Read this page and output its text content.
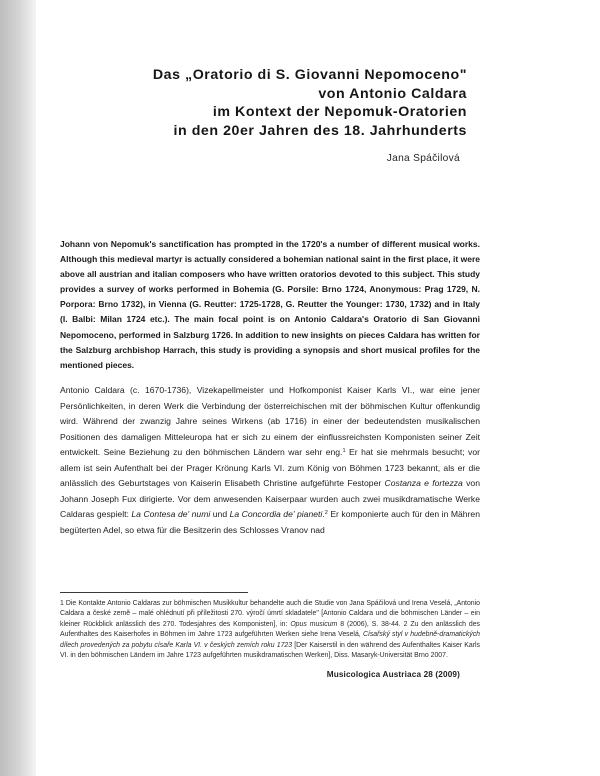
Das „Oratorio di S. Giovanni Nepomoceno"
von Antonio Caldara
im Kontext der Nepomuk-Oratorien
in den 20er Jahren des 18. Jahrhunderts
Jana Spáčilová

Johann von Nepomuk's sanctification has prompted in the 1720's a number of different musical works. Although this medieval martyr is actually considered a bohemian national saint in the first place, it were above all austrian and italian composers who have written oratorios devoted to this subject. This study provides a survey of works performed in Bohemia (G. Porsile: Brno 1724, Anonymous: Prag 1729, N. Porpora: Brno 1732), in Vienna (G. Reutter: 1725-1728, G. Reutter the Younger: 1730, 1732) and in Italy (I. Balbi: Milan 1724 etc.). The main focal point is on Antonio Caldara's Oratorio di San Giovanni Nepomoceno, performed in Salzburg 1726. In addition to new insights on pieces Caldara has written for the Salzburg archbishop Harrach, this study is providing a synopsis and short musical profiles for the mentioned pieces.

Antonio Caldara (c. 1670-1736), Vizekapellmeister und Hofkomponist Kaiser Karls VI., war eine jener Persönlichkeiten, in deren Werk die Verbindung der österreichischen mit der böhmischen Kultur offenkundig wird. Während der zwanzig Jahre seines Wirkens (ab 1716) in einer der bedeutendsten musikalischen Positionen des damaligen Mitteleuropa hat er sich zu einem der einflussreichsten Komponisten seiner Zeit entwickelt. Seine Beziehung zu den böhmischen Ländern war sehr eng.$^1$ Er hat sie mehrmals besucht; vor allem ist sein Aufenthalt bei der Prager Krönung Karls VI. zum König von Böhmen 1723 bekannt, als er die anlässlich des Geburtstages von Kaiserin Elisabeth Christine aufgeführte Festoper Costanza e fortezza von Johann Joseph Fux dirigierte. Vor dem anwesenden Kaiserpaar wurden auch zwei musikdramatische Werke Caldaras gespielt: La Contesa de' numi und La Concordia de' pianeti.$^2$ Er komponierte auch für den in Mähren begüterten Adel, so etwa für die Besitzerin des Schlosses Vranov nad

1 Die Kontakte Antonio Caldaras zur böhmischen Musikkultur behandelte auch die Studie von Jana Spáčilová und Irena Veselá, „Antonio Caldara a české země – malé ohlédnutí při příležitosti 270. výročí úmrtí skladatele" [Antonio Caldara und die böhmischen Länder – ein kleiner Rückblick anlässlich des 270. Todesjahres des Komponisten], in: Opus musicum 8 (2006), S. 38-44. 2 Zu den anlässlich des Aufenthaltes des Kaiserhofes in Böhmen im Jahre 1723 aufgeführten Werken siehe Irena Veselá, Císařský styl v hudebně-dramatických dílech provedených za pobytu císaře Karla VI. v českých zemích roku 1723 [Der Kaiserstil in den während des Aufenthaltes Kaiser Karls VI. in den böhmischen Ländern im Jahre 1723 aufgeführten musikdramatischen Werken], Diss. Masaryk-Universität Brno 2007.

Musicologica Austriaca 28 (2009)
